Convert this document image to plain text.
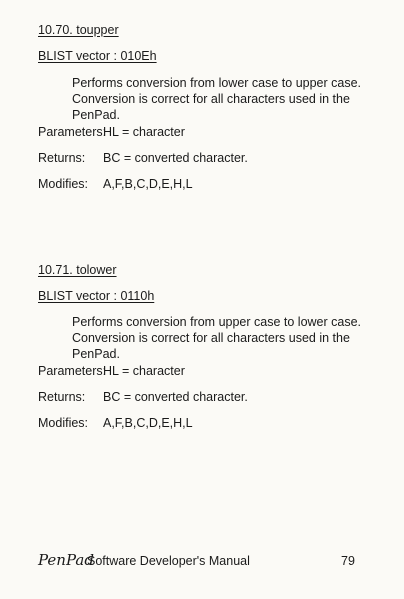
10.70. toupper
BLIST vector : 010Eh
Performs conversion from lower case to upper case. Conversion is correct for all characters used in the PenPad.
Parameters:
HL = character
Returns: BC = converted character.
Modifies: A,F,B,C,D,E,H,L
10.71. tolower
BLIST vector : 0110h
Performs conversion from upper case to lower case. Conversion is correct for all characters used in the PenPad.
Parameters:
HL = character
Returns: BC = converted character.
Modifies: A,F,B,C,D,E,H,L
PenPad
Software Developer's Manual	79
